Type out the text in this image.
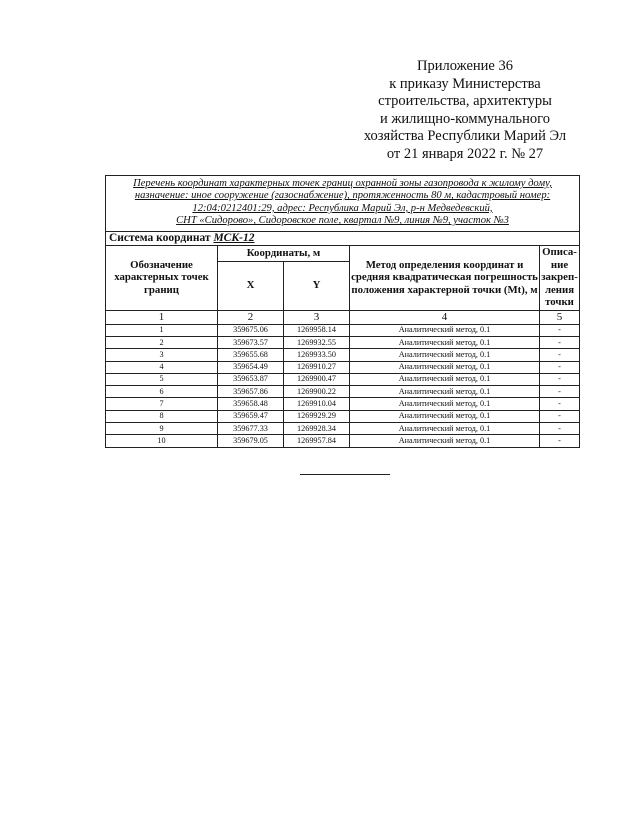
Приложение 36
к приказу Министерства
строительства, архитектуры
и жилищно-коммунального
хозяйства Республики Марий Эл
от 21 января 2022 г. № 27
Перечень координат характерных точек границ охранной зоны газопровода к жилому дому,
назначение: иное сооружение (газоснабжение), протяженность 80 м, кадастровый номер:
12:04:0212401:29, адрес: Республика Марий Эл, р-н Медведевский,
СНТ «Сидорово», Сидоровское поле, квартал №9, линия №9, участок №3				

Система координат МСК-12				
Обозначение характерных точек границ	Координаты, м		Метод определения координат и средняя квадратическая погрешность положения характерной точки (Mt), м	Описа-ние закреп-ления точки
	X	Y		
1	2	3	4	5
1	359675.06	1269958.14	Аналитический метод, 0.1	-
2	359673.57	1269932.55	Аналитический метод, 0.1	-
3	359655.68	1269933.50	Аналитический метод, 0.1	-
4	359654.49	1269910.27	Аналитический метод, 0.1	-
5	359653.87	1269900.47	Аналитический метод, 0.1	-
6	359657.86	1269900.22	Аналитический метод, 0.1	-
7	359658.48	1269910.04	Аналитический метод, 0.1	-
8	359659.47	1269929.29	Аналитический метод, 0.1	-
9	359677.33	1269928.34	Аналитический метод, 0.1	-
10	359679.05	1269957.84	Аналитический метод, 0.1	-
